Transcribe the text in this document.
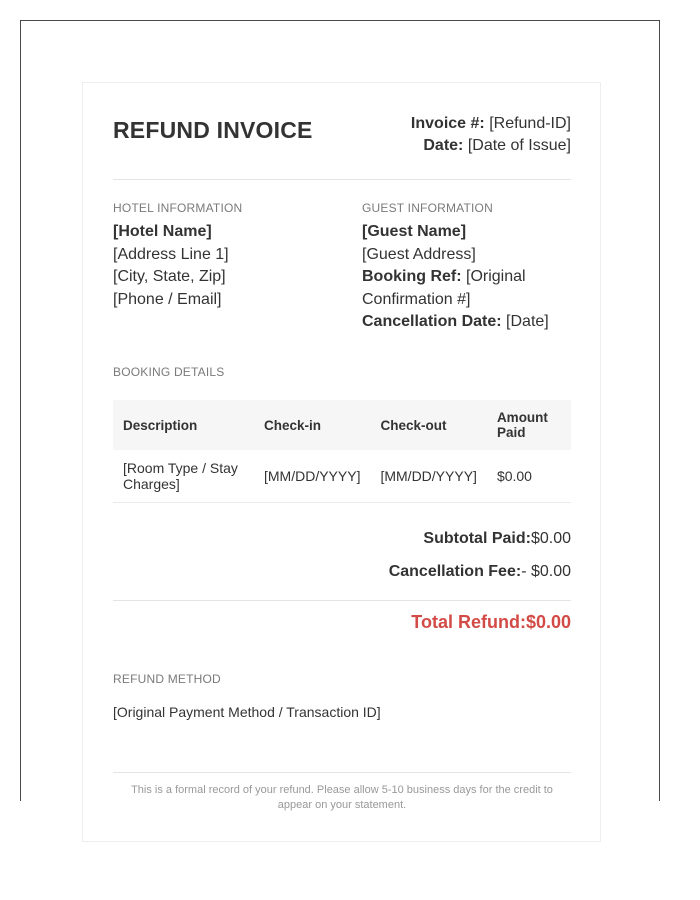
REFUND INVOICE	Invoice #: [Refund-ID]
Date: [Date of Issue]
HOTEL INFORMATION
[Hotel Name]
[Address Line 1]
[City, State, Zip]
[Phone / Email]
GUEST INFORMATION
[Guest Name]
[Guest Address]
Booking Ref: [Original Confirmation #]
Cancellation Date: [Date]
BOOKING DETAILS
Description	Check-in	Check-out	Amount Paid
[Room Type / Stay Charges]	[MM/DD/YYYY]	[MM/DD/YYYY]	$0.00
Subtotal Paid:$0.00
Cancellation Fee:- $0.00
Total Refund:$0.00
REFUND METHOD
[Original Payment Method / Transaction ID]
This is a formal record of your refund. Please allow 5-10 business days for the credit to
appear on your statement.
